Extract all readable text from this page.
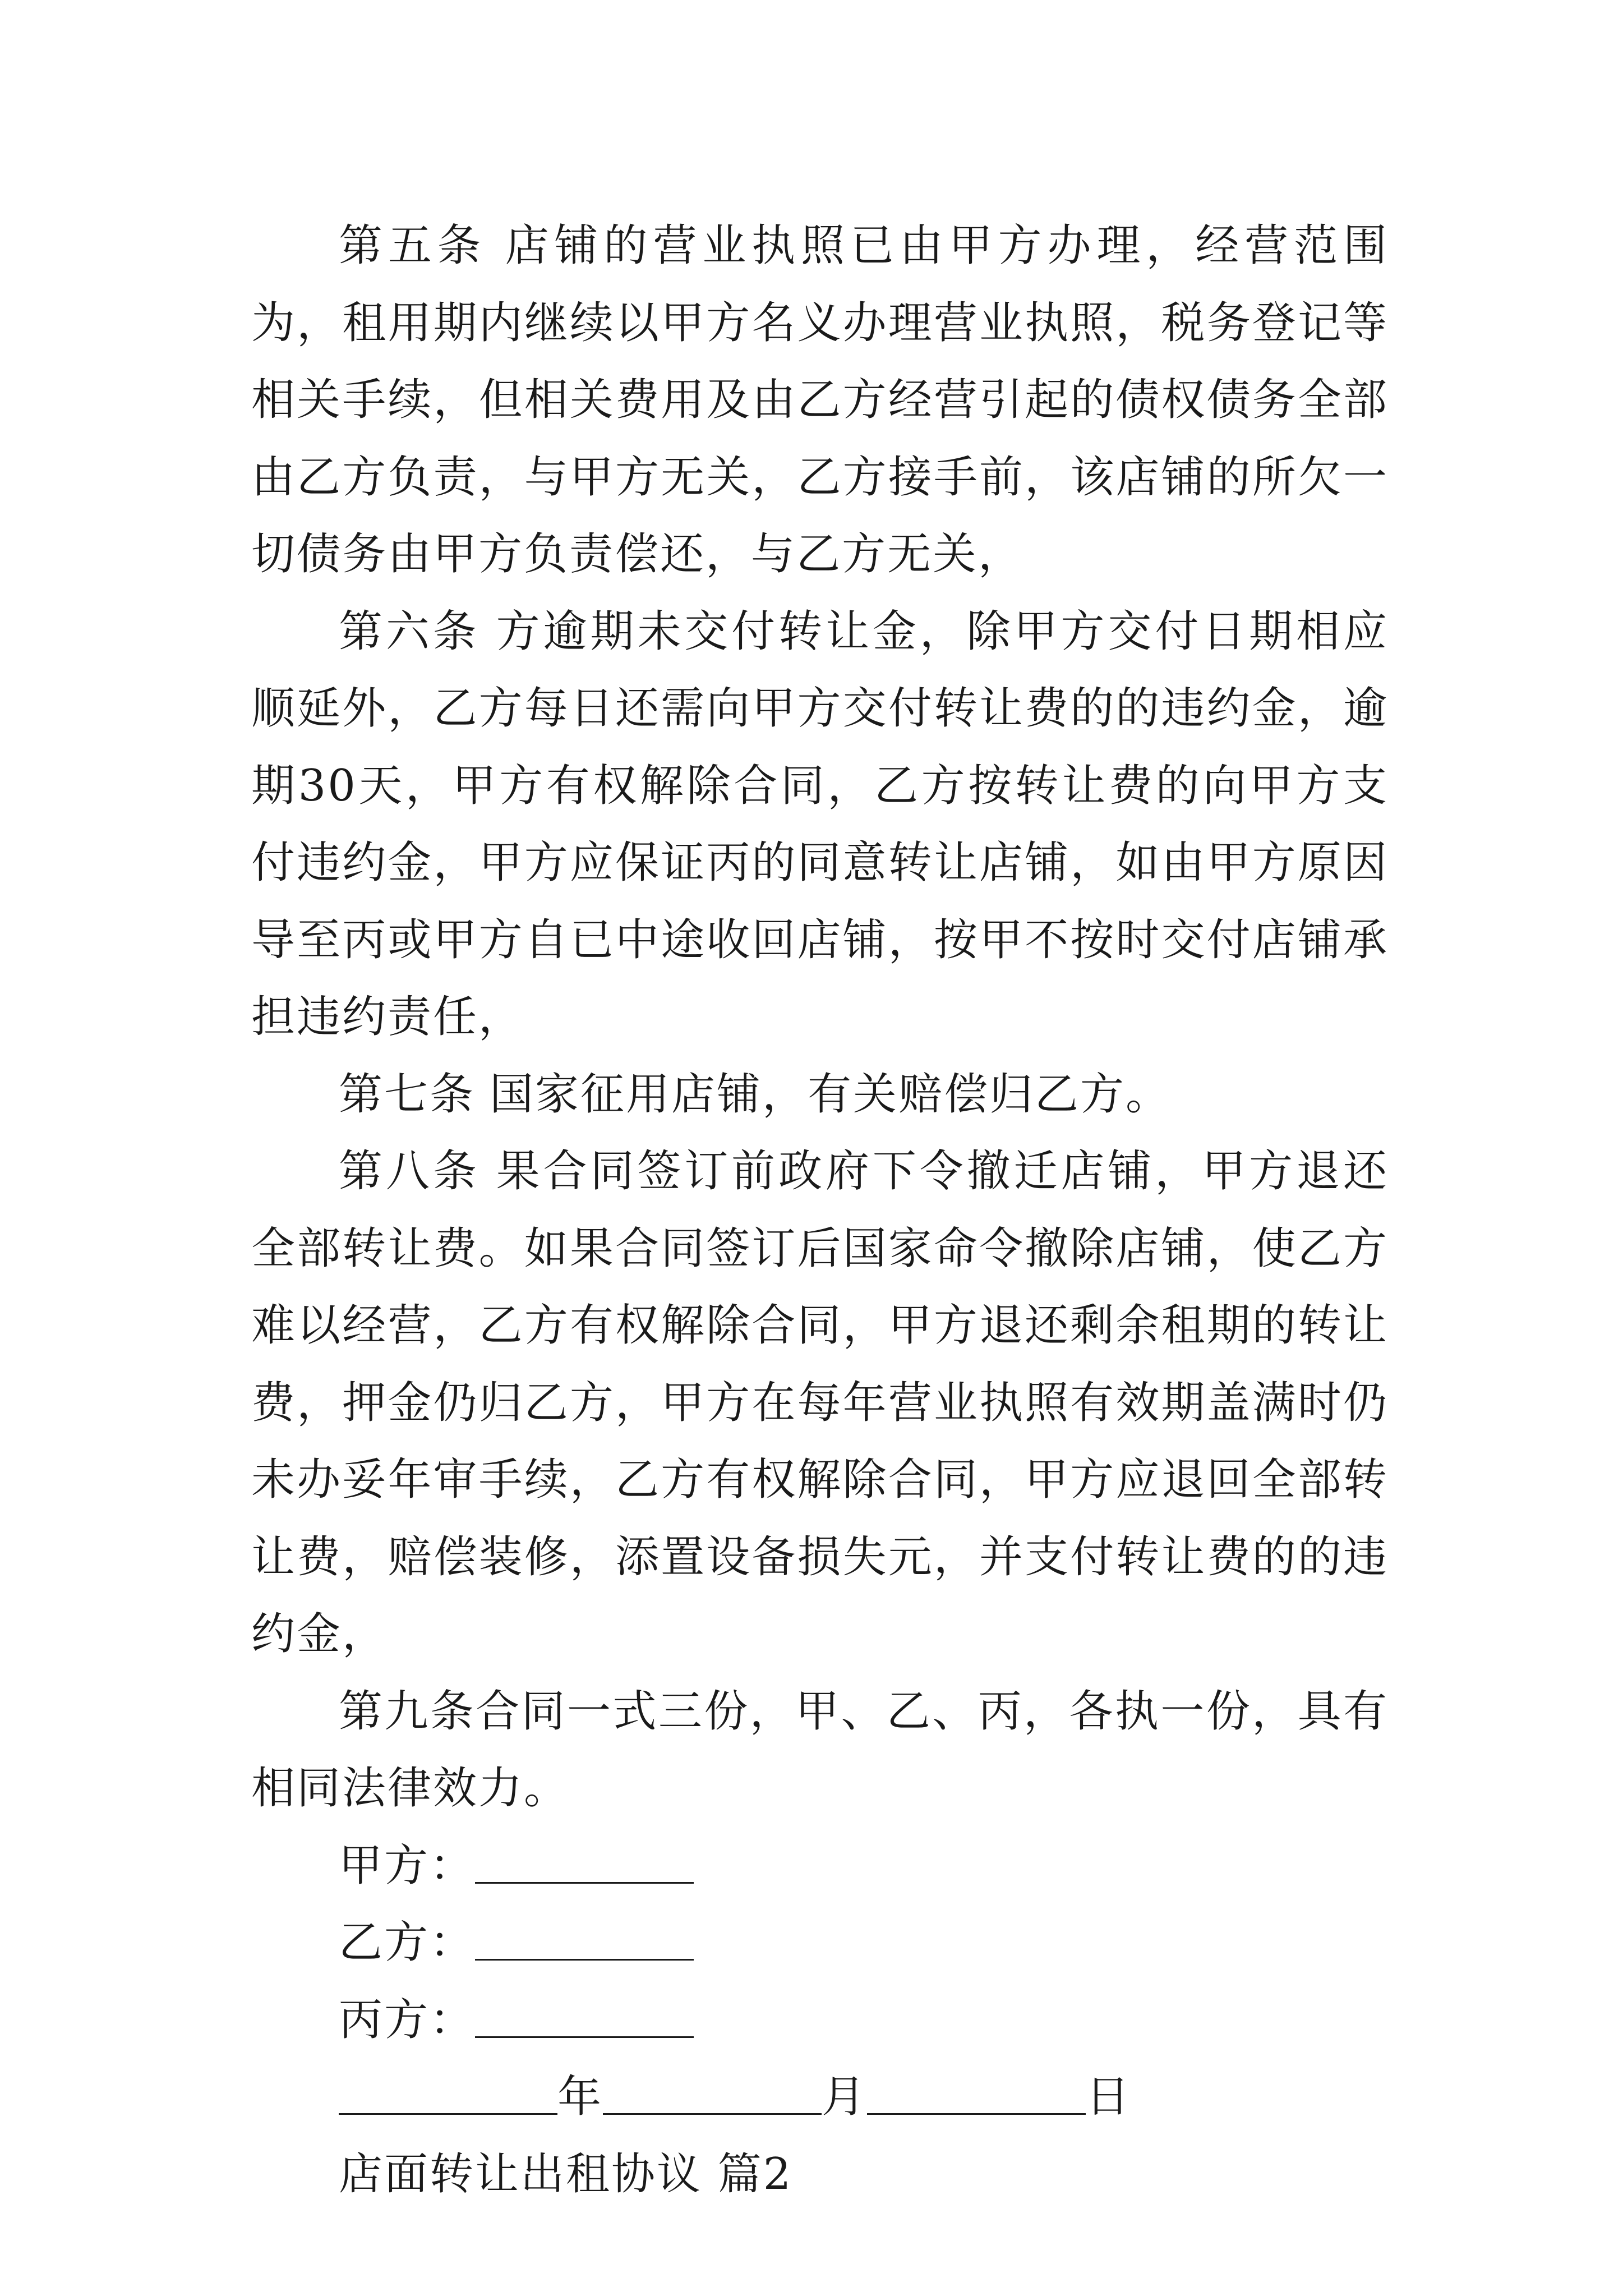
第五条 店铺的营业执照已由甲方办理，经营范围为，租用期内继续以甲方名义办理营业执照，税务登记等相关手续，但相关费用及由乙方经营引起的债权债务全部由乙方负责，与甲方无关，乙方接手前，该店铺的所欠一切债务由甲方负责偿还，与乙方无关，

第六条 方逾期未交付转让金，除甲方交付日期相应顺延外，乙方每日还需向甲方交付转让费的的违约金，逾期30天，甲方有权解除合同，乙方按转让费的向甲方支付违约金，甲方应保证丙的同意转让店铺，如由甲方原因导至丙或甲方自已中途收回店铺，按甲不按时交付店铺承担违约责任，

第七条 国家征用店铺，有关赔偿归乙方。

第八条 果合同签订前政府下令撤迁店铺，甲方退还全部转让费。如果合同签订后国家命令撤除店铺，使乙方难以经营，乙方有权解除合同，甲方退还剩余租期的转让费，押金仍归乙方，甲方在每年营业执照有效期盖满时仍未办妥年审手续，乙方有权解除合同，甲方应退回全部转让费，赔偿装修，添置设备损失元，并支付转让费的的违约金，

第九条合同一式三份，甲、乙、丙，各执一份，具有相同法律效力。

甲方：

乙方：

丙方：

年	月	日

店面转让出租协议 篇2
